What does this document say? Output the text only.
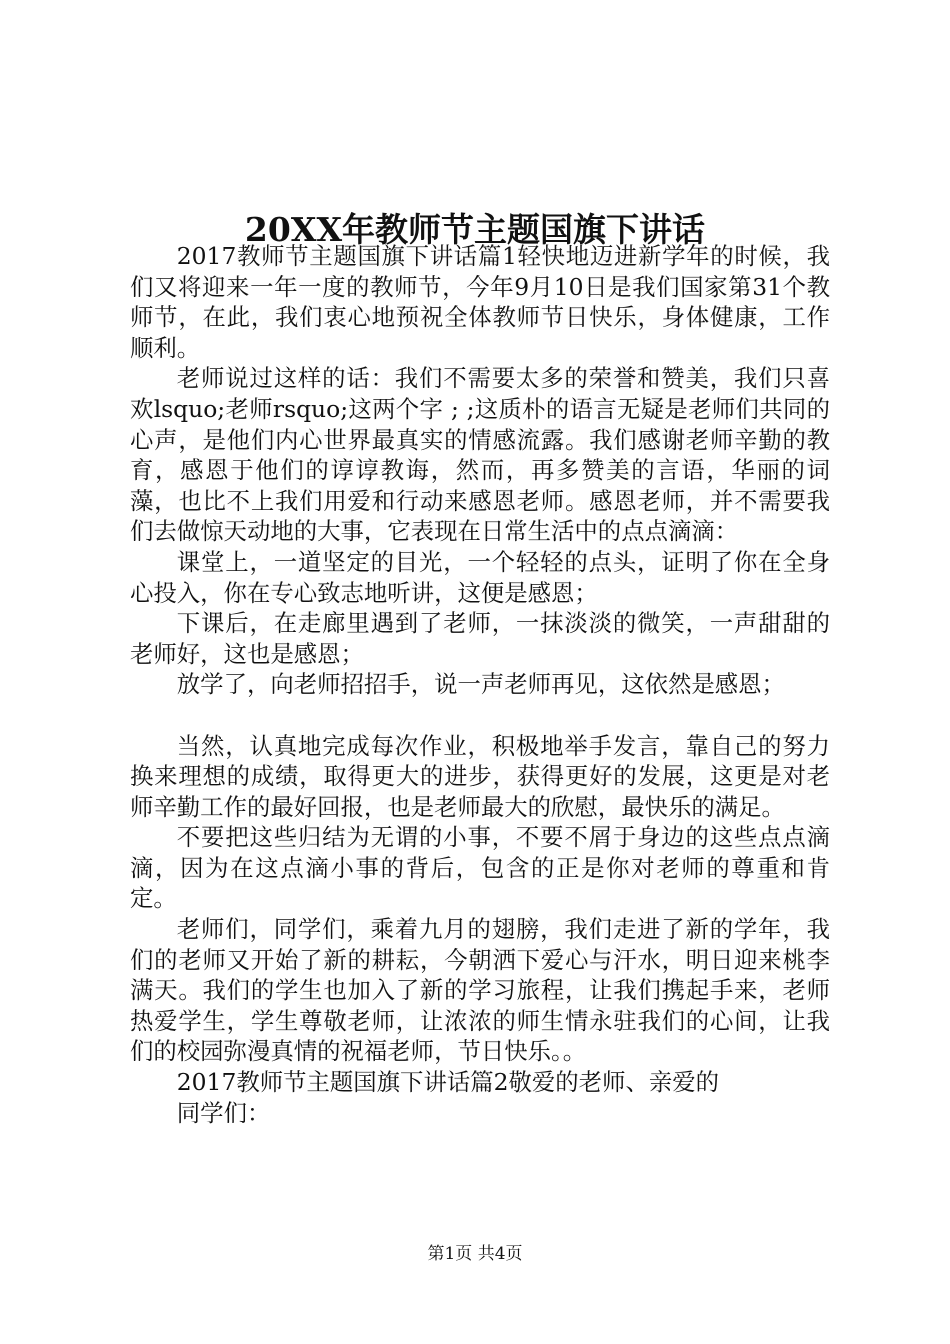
20XX年教师节主题国旗下讲话

2017教师节主题国旗下讲话篇1轻快地迈进新学年的时候，我们又将迎来一年一度的教师节，今年9月10日是我们国家第31个教师节，在此，我们衷心地预祝全体教师节日快乐，身体健康，工作顺利。

老师说过这样的话：我们不需要太多的荣誉和赞美，我们只喜欢lsquo;老师rsquo;这两个字 ; ;这质朴的语言无疑是老师们共同的心声，是他们内心世界最真实的情感流露。我们感谢老师辛勤的教育，感恩于他们的谆谆教诲，然而，再多赞美的言语，华丽的词藻，也比不上我们用爱和行动来感恩老师。感恩老师，并不需要我们去做惊天动地的大事，它表现在日常生活中的点点滴滴：

课堂上，一道坚定的目光，一个轻轻的点头，证明了你在全身心投入，你在专心致志地听讲，这便是感恩；

下课后，在走廊里遇到了老师，一抹淡淡的微笑，一声甜甜的老师好，这也是感恩；

放学了，向老师招招手，说一声老师再见，这依然是感恩；

当然，认真地完成每次作业，积极地举手发言，靠自己的努力换来理想的成绩，取得更大的进步，获得更好的发展，这更是对老师辛勤工作的最好回报，也是老师最大的欣慰，最快乐的满足。

不要把这些归结为无谓的小事，不要不屑于身边的这些点点滴滴，因为在这点滴小事的背后，包含的正是你对老师的尊重和肯定。

老师们，同学们，乘着九月的翅膀，我们走进了新的学年，我们的老师又开始了新的耕耘，今朝洒下爱心与汗水，明日迎来桃李满天。我们的学生也加入了新的学习旅程，让我们携起手来，老师热爱学生，学生尊敬老师，让浓浓的师生情永驻我们的心间，让我们的校园弥漫真情的祝福老师，节日快乐。。

2017教师节主题国旗下讲话篇2敬爱的老师、亲爱的

同学们：

第1页 共4页
